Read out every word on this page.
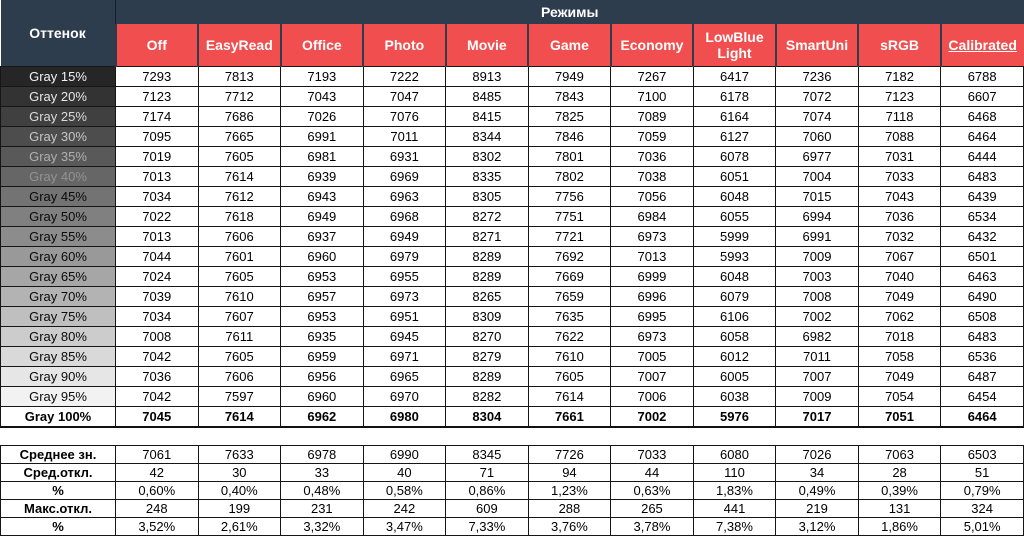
Оттенок	Режимы										
	Off	EasyRead	Office	Photo	Movie	Game	Economy	LowBlue Light	SmartUni	sRGB	Calibrated
Gray 15%	7293	7813	7193	7222	8913	7949	7267	6417	7236	7182	6788
Gray 20%	7123	7712	7043	7047	8485	7843	7100	6178	7072	7123	6607
Gray 25%	7174	7686	7026	7076	8415	7825	7089	6164	7074	7118	6468
Gray 30%	7095	7665	6991	7011	8344	7846	7059	6127	7060	7088	6464
Gray 35%	7019	7605	6981	6931	8302	7801	7036	6078	6977	7031	6444
Gray 40%	7013	7614	6939	6969	8335	7802	7038	6051	7004	7033	6483
Gray 45%	7034	7612	6943	6963	8305	7756	7056	6048	7015	7043	6439
Gray 50%	7022	7618	6949	6968	8272	7751	6984	6055	6994	7036	6534
Gray 55%	7013	7606	6937	6949	8271	7721	6973	5999	6991	7032	6432
Gray 60%	7044	7601	6960	6979	8289	7692	7013	5993	7009	7067	6501
Gray 65%	7024	7605	6953	6955	8289	7669	6999	6048	7003	7040	6463
Gray 70%	7039	7610	6957	6973	8265	7659	6996	6079	7008	7049	6490
Gray 75%	7034	7607	6953	6951	8309	7635	6995	6106	7002	7062	6508
Gray 80%	7008	7611	6935	6945	8270	7622	6973	6058	6982	7018	6483
Gray 85%	7042	7605	6959	6971	8279	7610	7005	6012	7011	7058	6536
Gray 90%	7036	7606	6956	6965	8289	7605	7007	6005	7007	7049	6487
Gray 95%	7042	7597	6960	6970	8282	7614	7006	6038	7009	7054	6454
Gray 100%	7045	7614	6962	6980	8304	7661	7002	5976	7017	7051	6464
Среднее зн.	7061	7633	6978	6990	8345	7726	7033	6080	7026	7063	6503
Сред.откл.	42	30	33	40	71	94	44	110	34	28	51
%	0,60%	0,40%	0,48%	0,58%	0,86%	1,23%	0,63%	1,83%	0,49%	0,39%	0,79%
Макс.откл.	248	199	231	242	609	288	265	441	219	131	324
%	3,52%	2,61%	3,32%	3,47%	7,33%	3,76%	3,78%	7,38%	3,12%	1,86%	5,01%
